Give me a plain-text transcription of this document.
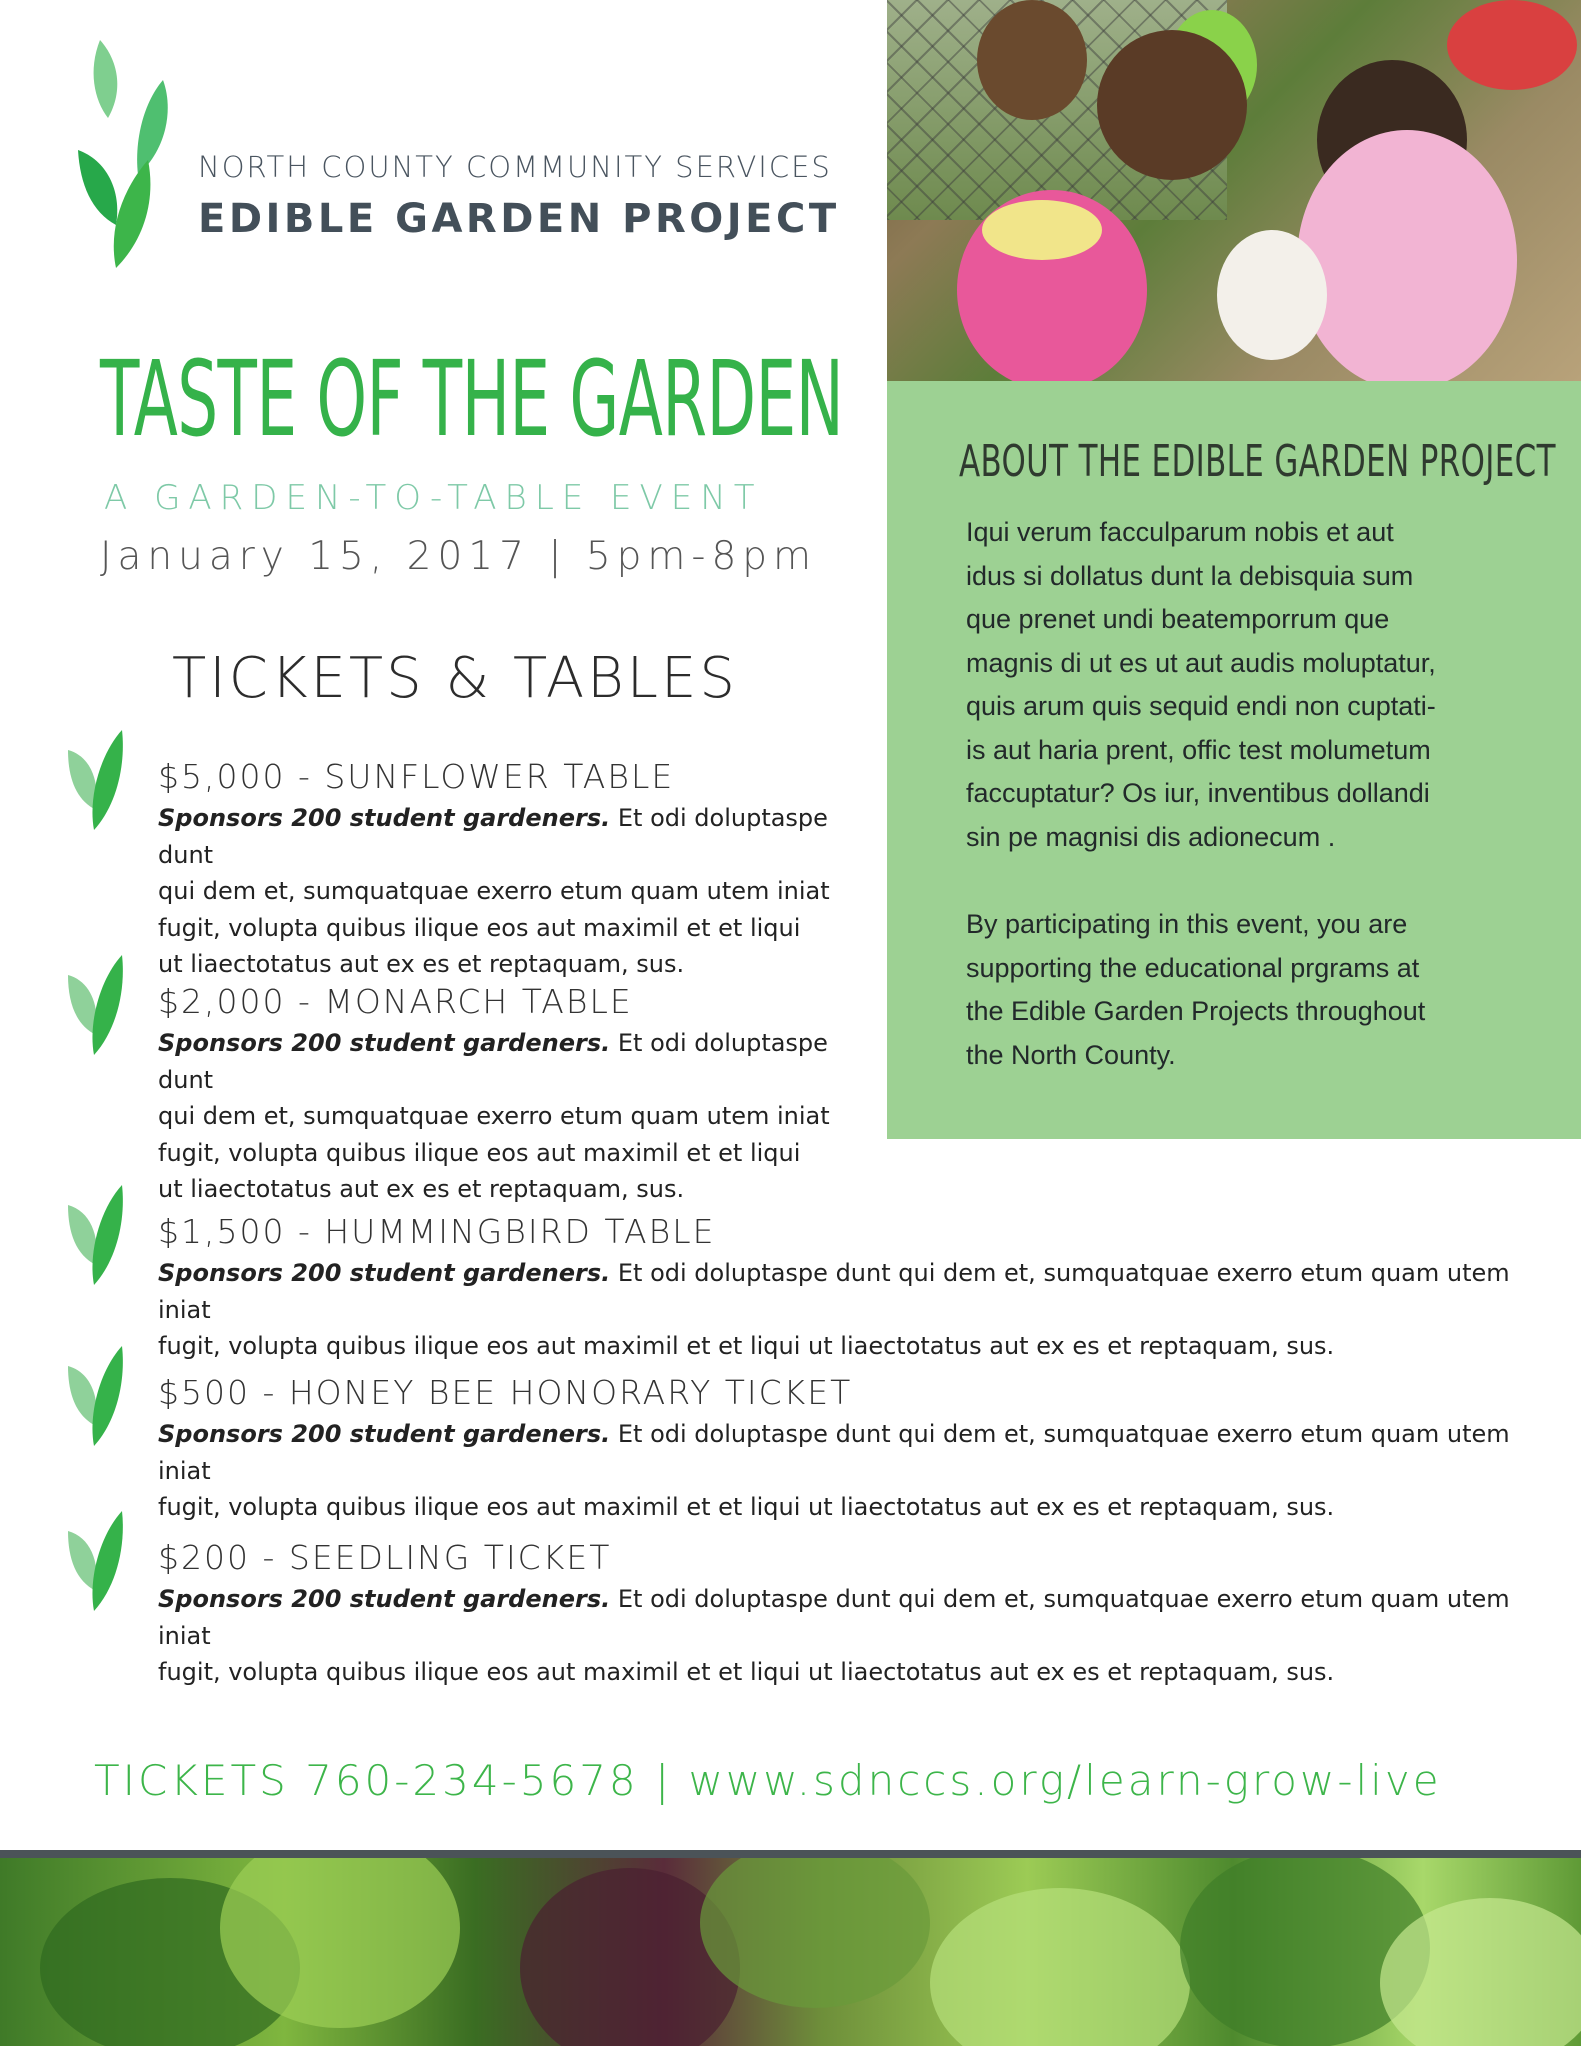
NORTH COUNTY COMMUNITY SERVICES
EDIBLE GARDEN PROJECT
ABOUT THE EDIBLE GARDEN PROJECT

Iqui verum facculparum nobis et aut
idus si dollatus dunt la debisquia sum
que prenet undi beatemporrum que
magnis di ut es ut aut audis moluptatur,
quis arum quis sequid endi non cuptati-
is aut haria prent, offic test molumetum
faccuptatur? Os iur, inventibus dollandi
sin pe magnisi dis adionecum .

By participating in this event, you are
supporting the educational prgrams at
the Edible Garden Projects throughout
the North County.

TASTE OF THE GARDEN
A GARDEN-TO-TABLE EVENT
January 15, 2017 | 5pm-8pm
TICKETS & TABLES
$5,000 - SUNFLOWER TABLE
Sponsors 200 student gardeners. Et odi doluptaspe dunt
qui dem et, sumquatquae exerro etum quam utem iniat
fugit, volupta quibus ilique eos aut maximil et et liqui
ut liaectotatus aut ex es et reptaquam, sus.
$2,000 - MONARCH TABLE
Sponsors 200 student gardeners. Et odi doluptaspe dunt
qui dem et, sumquatquae exerro etum quam utem iniat
fugit, volupta quibus ilique eos aut maximil et et liqui
ut liaectotatus aut ex es et reptaquam, sus.
$1,500 - HUMMINGBIRD TABLE
Sponsors 200 student gardeners. Et odi doluptaspe dunt qui dem et, sumquatquae exerro etum quam utem iniat
fugit, volupta quibus ilique eos aut maximil et et liqui ut liaectotatus aut ex es et reptaquam, sus.
$500 - HONEY BEE HONORARY TICKET
Sponsors 200 student gardeners. Et odi doluptaspe dunt qui dem et, sumquatquae exerro etum quam utem iniat
fugit, volupta quibus ilique eos aut maximil et et liqui ut liaectotatus aut ex es et reptaquam, sus.
$200 - SEEDLING TICKET
Sponsors 200 student gardeners. Et odi doluptaspe dunt qui dem et, sumquatquae exerro etum quam utem iniat
fugit, volupta quibus ilique eos aut maximil et et liqui ut liaectotatus aut ex es et reptaquam, sus.
TICKETS 760-234-5678 | www.sdnccs.org/learn-grow-live
